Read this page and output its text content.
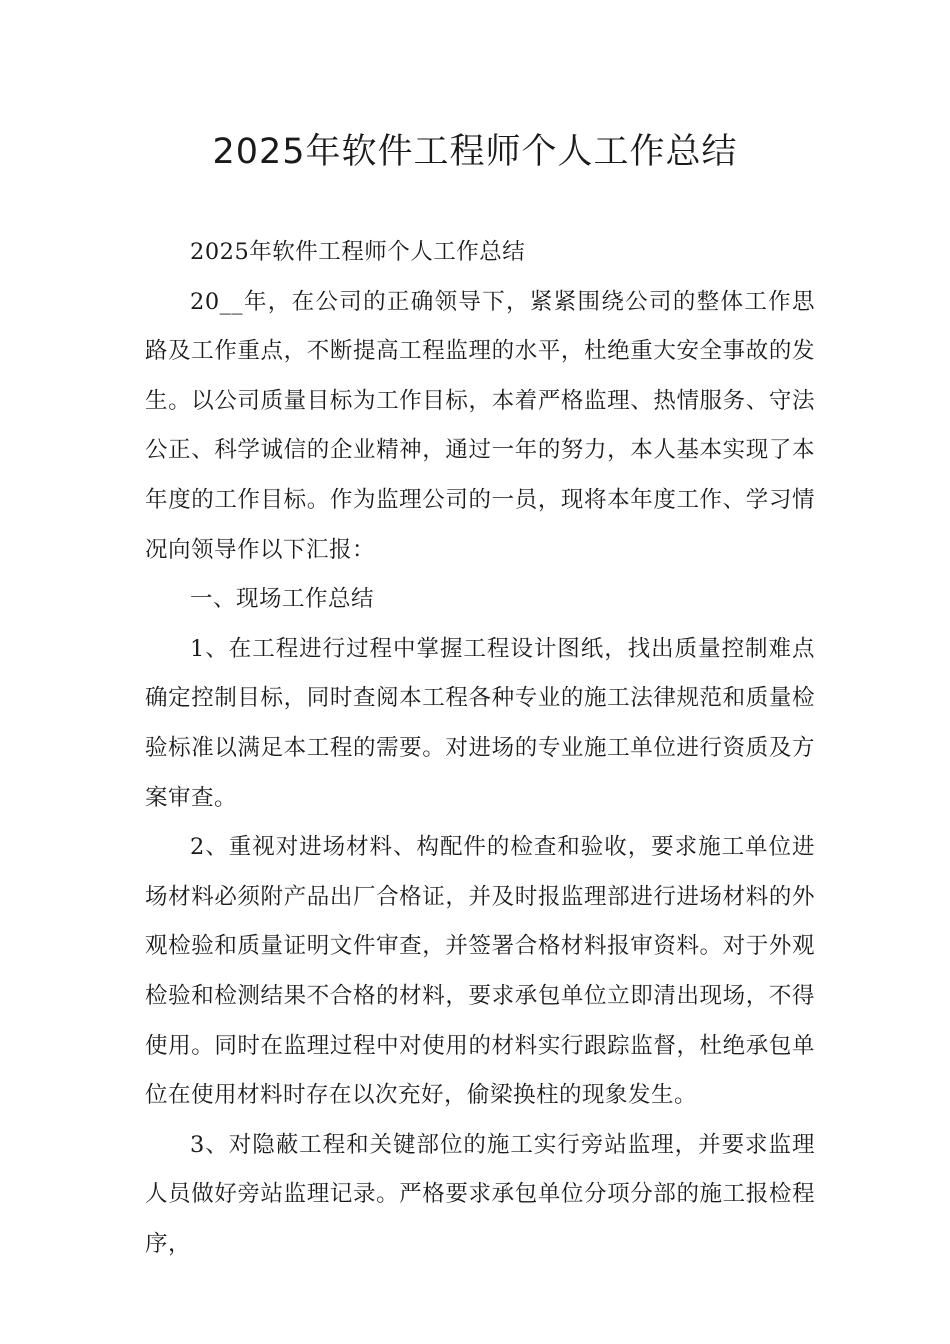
2025年软件工程师个人工作总结

2025年软件工程师个人工作总结

20__年，在公司的正确领导下，紧紧围绕公司的整体工作思路及工作重点，不断提高工程监理的水平，杜绝重大安全事故的发生。以公司质量目标为工作目标，本着严格监理、热情服务、守法公正、科学诚信的企业精神，通过一年的努力，本人基本实现了本年度的工作目标。作为监理公司的一员，现将本年度工作、学习情况向领导作以下汇报：

一、现场工作总结

1、在工程进行过程中掌握工程设计图纸，找出质量控制难点确定控制目标，同时查阅本工程各种专业的施工法律规范和质量检验标准以满足本工程的需要。对进场的专业施工单位进行资质及方案审查。

2、重视对进场材料、构配件的检查和验收，要求施工单位进场材料必须附产品出厂合格证，并及时报监理部进行进场材料的外观检验和质量证明文件审查，并签署合格材料报审资料。对于外观检验和检测结果不合格的材料，要求承包单位立即清出现场，不得使用。同时在监理过程中对使用的材料实行跟踪监督，杜绝承包单位在使用材料时存在以次充好，偷梁换柱的现象发生。

3、对隐蔽工程和关键部位的施工实行旁站监理，并要求监理人员做好旁站监理记录。严格要求承包单位分项分部的施工报检程序，
